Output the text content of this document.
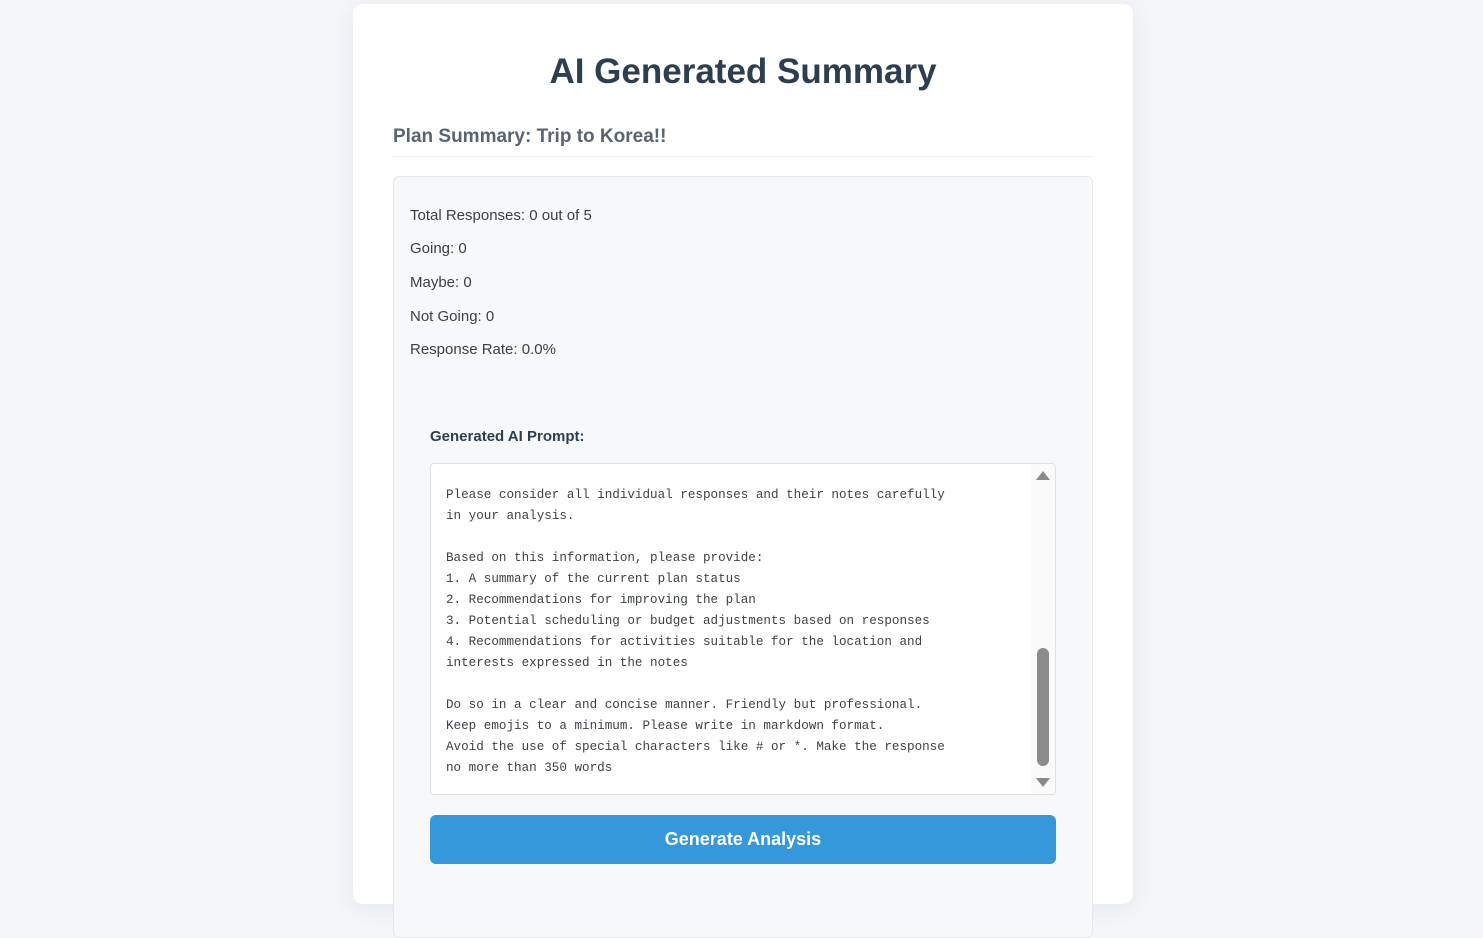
AI Generated Summary
Plan Summary: Trip to Korea!!

Total Responses: 0 out of 5

Going: 0

Maybe: 0

Not Going: 0

Response Rate: 0.0%

Generated AI Prompt:
Please consider all individual responses and their notes carefully
in your analysis.

Based on this information, please provide:
1. A summary of the current plan status
2. Recommendations for improving the plan
3. Potential scheduling or budget adjustments based on responses
4. Recommendations for activities suitable for the location and
interests expressed in the notes

Do so in a clear and concise manner. Friendly but professional.
Keep emojis to a minimum. Please write in markdown format.
Avoid the use of special characters like # or *. Make the response
no more than 350 words
Generate Analysis
